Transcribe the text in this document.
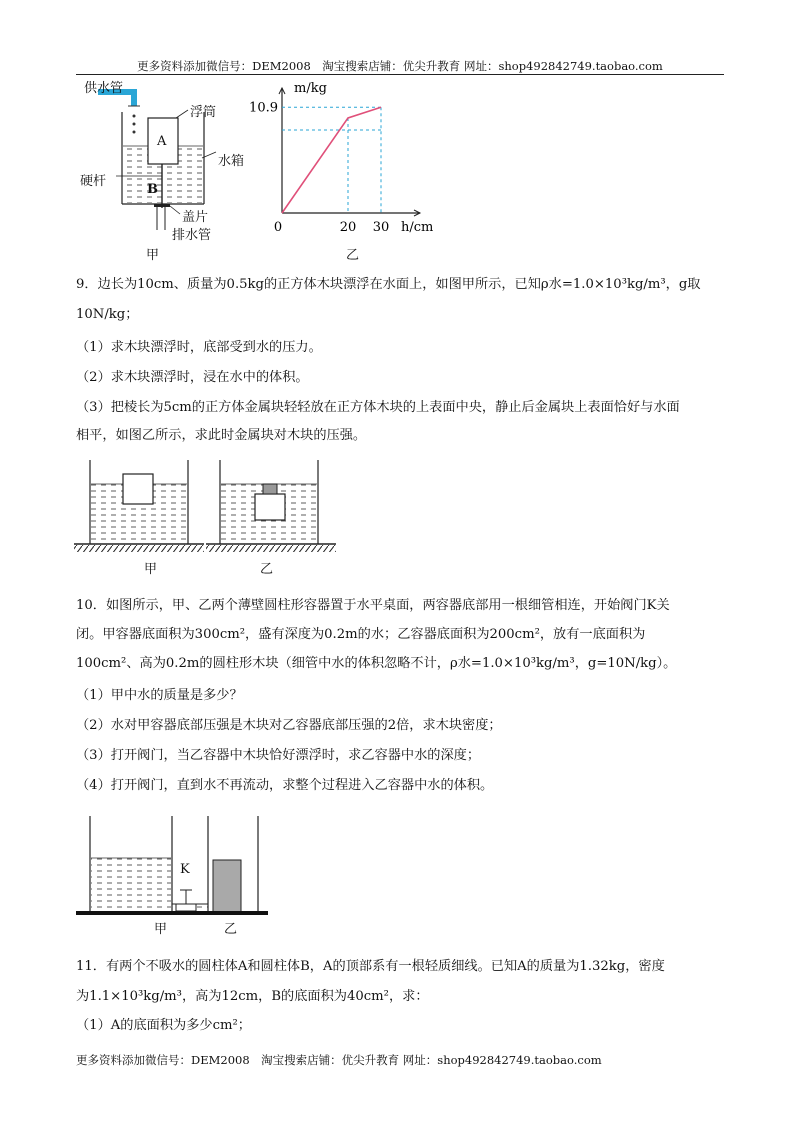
更多资料添加微信号：DEM2008　淘宝搜索店铺：优尖升教育 网址：shop492842749.taobao.com
供水管
浮筒
A
水箱
硬杆
B
盖片
排水管
甲
m/kg
10.9
0	20 30 h/cm
乙
9．边长为10cm、质量为0.5kg的正方体木块漂浮在水面上，如图甲所示，已知ρ水=1.0×10³kg/m³，g取
10N/kg；
（1）求木块漂浮时，底部受到水的压力。
（2）求木块漂浮时，浸在水中的体积。
（3）把棱长为5cm的正方体金属块轻轻放在正方体木块的上表面中央，静止后金属块上表面恰好与水面
相平，如图乙所示，求此时金属块对木块的压强。
甲	乙
10．如图所示，甲、乙两个薄壁圆柱形容器置于水平桌面，两容器底部用一根细管相连，开始阀门K关
闭。甲容器底面积为300cm²，盛有深度为0.2m的水；乙容器底面积为200cm²，放有一底面积为
100cm²、高为0.2m的圆柱形木块（细管中水的体积忽略不计，ρ水=1.0×10³kg/m³，g=10N/kg）。
（1）甲中水的质量是多少？
（2）水对甲容器底部压强是木块对乙容器底部压强的2倍，求木块密度；
（3）打开阀门，当乙容器中木块恰好漂浮时，求乙容器中水的深度；
（4）打开阀门，直到水不再流动，求整个过程进入乙容器中水的体积。
K
甲	乙
11．有两个不吸水的圆柱体A和圆柱体B，A的顶部系有一根轻质细线。已知A的质量为1.32kg，密度
为1.1×10³kg/m³，高为12cm，B的底面积为40cm²，求：
（1）A的底面积为多少cm²；
更多资料添加微信号：DEM2008　淘宝搜索店铺：优尖升教育 网址：shop492842749.taobao.com
